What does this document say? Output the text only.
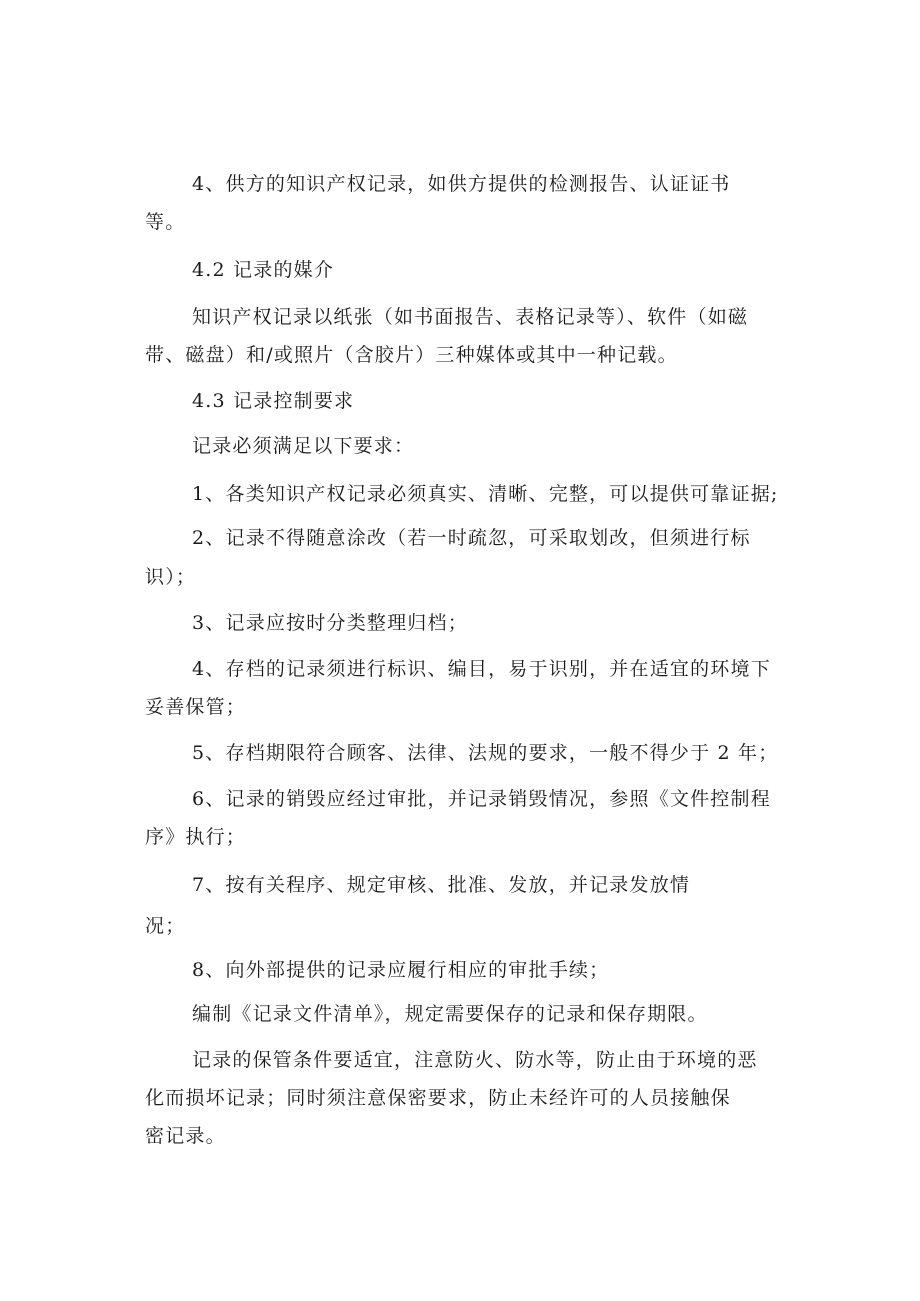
4、供方的知识产权记录，如供方提供的检测报告、认证证书
等。
4.2 记录的媒介
知识产权记录以纸张（如书面报告、表格记录等）、软件（如磁
带、磁盘）和/或照片（含胶片）三种媒体或其中一种记载。
4.3 记录控制要求
记录必须满足以下要求：
1、各类知识产权记录必须真实、清晰、完整，可以提供可靠证据;
2、记录不得随意涂改（若一时疏忽，可采取划改，但须进行标
识）；
3、记录应按时分类整理归档；
4、存档的记录须进行标识、编目，易于识别，并在适宜的环境下
妥善保管；
5、存档期限符合顾客、法律、法规的要求，一般不得少于 2 年；
6、记录的销毁应经过审批，并记录销毁情况，参照《文件控制程
序》执行；
7、按有关程序、规定审核、批准、发放，并记录发放情
况；
8、向外部提供的记录应履行相应的审批手续；
编制《记录文件清单》，规定需要保存的记录和保存期限。
记录的保管条件要适宜，注意防火、防水等，防止由于环境的恶
化而损坏记录；同时须注意保密要求，防止未经许可的人员接触保
密记录。
